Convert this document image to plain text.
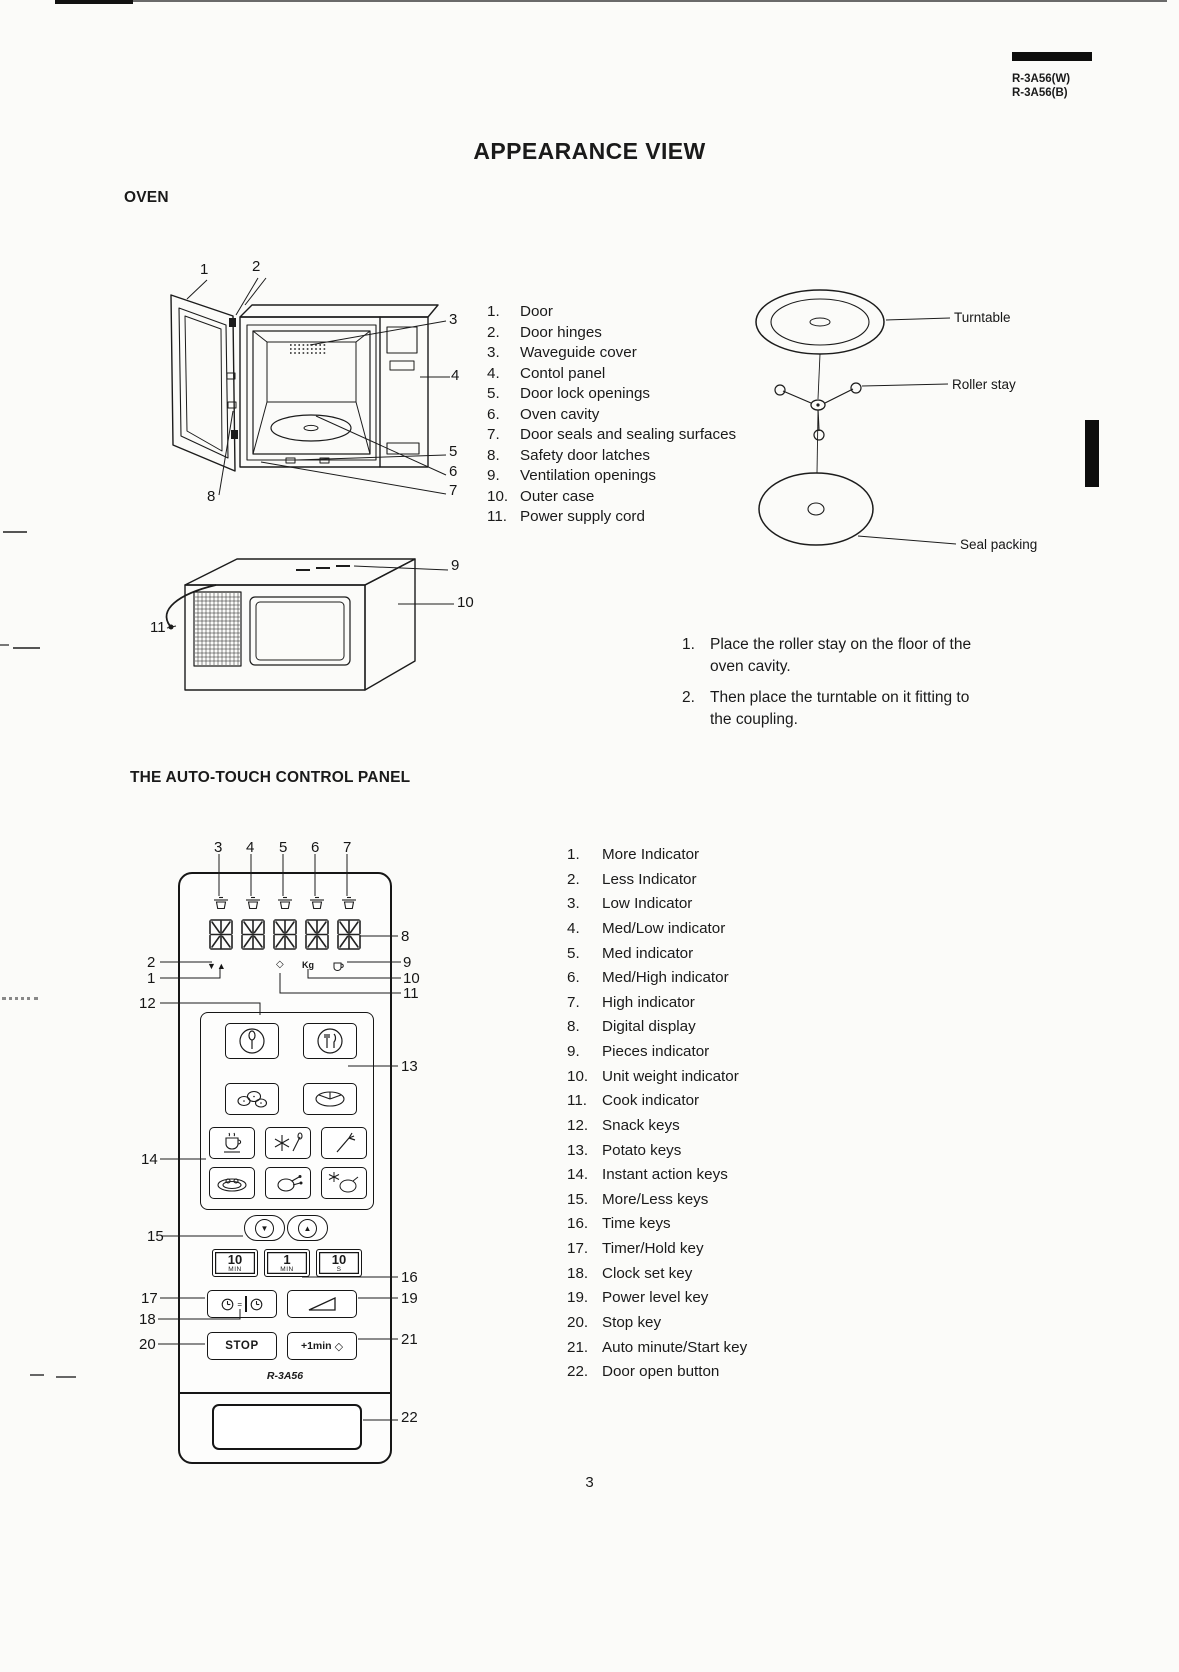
R-3A56(W)
R-3A56(B)
APPEARANCE VIEW
OVEN
1	2
3
4
5
6
7
8
1.	Door
2.	Door hinges
3.	Waveguide cover
4.	Contol panel
5.	Door lock openings
6.	Oven cavity
7.	Door seals and sealing surfaces
8.	Safety door latches
9.	Ventilation openings
10. Outer case
11. Power supply cord
Turntable
Roller stay
Seal packing
9
10
11
1. Place the roller stay on the floor of the oven cavity.
2. Then place the turntable on it fitting to the coupling.
THE AUTO-TOUCH CONTROL PANEL
▼▲	◇ Kg
▼	▲
10
MIN
1
MIN
10
S
=
STOP	+1min ◇
R-3A56
3 4 5 6 7
2
1
12
14
15
17
18
20
8
9
10
11
13
16
19
21
22
1.	More Indicator
2.	Less Indicator
3.	Low Indicator
4.	Med/Low indicator
5.	Med indicator
6.	Med/High indicator
7.	High indicator
8.	Digital display
9.	Pieces indicator
10. Unit weight indicator
11. Cook indicator
12. Snack keys
13. Potato keys
14. Instant action keys
15. More/Less keys
16. Time keys
17. Timer/Hold key
18. Clock set key
19. Power level key
20. Stop key
21. Auto minute/Start key
22. Door open button
3
